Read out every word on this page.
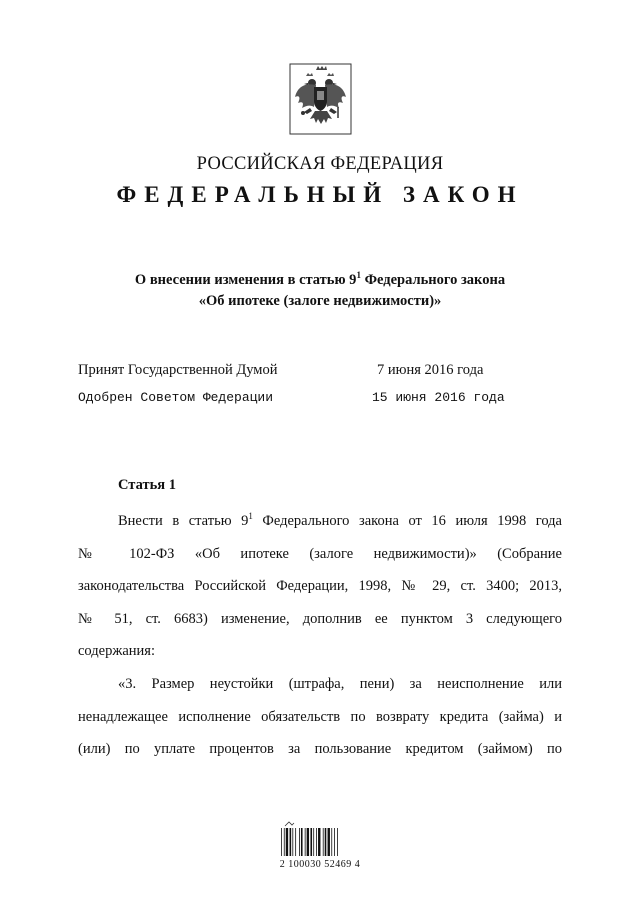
РОССИЙСКАЯ ФЕДЕРАЦИЯ
ФЕДЕРАЛЬНЫЙ ЗАКОН
О внесении изменения в статью $9^1$ Федерального закона
«Об ипотеке (залоге недвижимости)»
Принят Государственной Думой	7 июня 2016 года
Одобрен Советом Федерации	15 июня 2016 года
Статья 1
Внести в статью $9^1$ Федерального закона от 16 июля 1998 года
№ 102-ФЗ «Об ипотеке (залоге недвижимости)» (Собрание
законодательства Российской Федерации, 1998, № 29, ст. 3400; 2013,
№ 51, ст. 6683) изменение, дополнив ее пунктом 3 следующего
содержания:
«3. Размер неустойки (штрафа, пени) за неисполнение или
ненадлежащее исполнение обязательств по возврату кредита (займа) и
(или) по уплате процентов за пользование кредитом (займом) по
2 100030 52469 4
